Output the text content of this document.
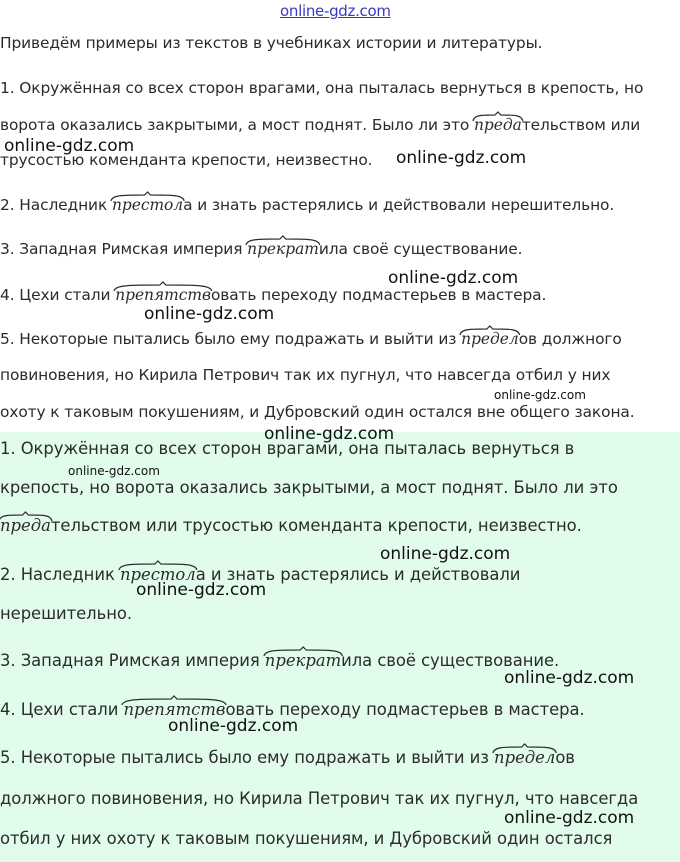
online-gdz.com
Приведём примеры из текстов в учебниках истории и литературы.
1. Окружённая со всех сторон врагами, она пыталась вернуться в крепость, но
ворота оказались закрытыми, а мост поднят. Было ли это предательством или
трусостью коменданта крепости, неизвестно.
2. Наследник престола и знать растерялись и действовали нерешительно.
3. Западная Римская империя прекратила своё существование.
4. Цехи стали препятствовать переходу подмастерьев в мастера.
5. Некоторые пытались было ему подражать и выйти из пределов должного
повиновения, но Кирила Петрович так их пугнул, что навсегда отбил у них
охоту к таковым покушениям, и Дубровский один остался вне общего закона.
1. Окружённая со всех сторон врагами, она пыталась вернуться в
крепость, но ворота оказались закрытыми, а мост поднят. Было ли это
предательством или трусостью коменданта крепости, неизвестно.
2. Наследник престола и знать растерялись и действовали
нерешительно.
3. Западная Римская империя прекратила своё существование.
4. Цехи стали препятствовать переходу подмастерьев в мастера.
5. Некоторые пытались было ему подражать и выйти из пределов
должного повиновения, но Кирила Петрович так их пугнул, что навсегда
отбил у них охоту к таковым покушениям, и Дубровский один остался
online-gdz.com
online-gdz.com
online-gdz.com
online-gdz.com
online-gdz.com
online-gdz.com
online-gdz.com
online-gdz.com
online-gdz.com
online-gdz.com
online-gdz.com
online-gdz.com
